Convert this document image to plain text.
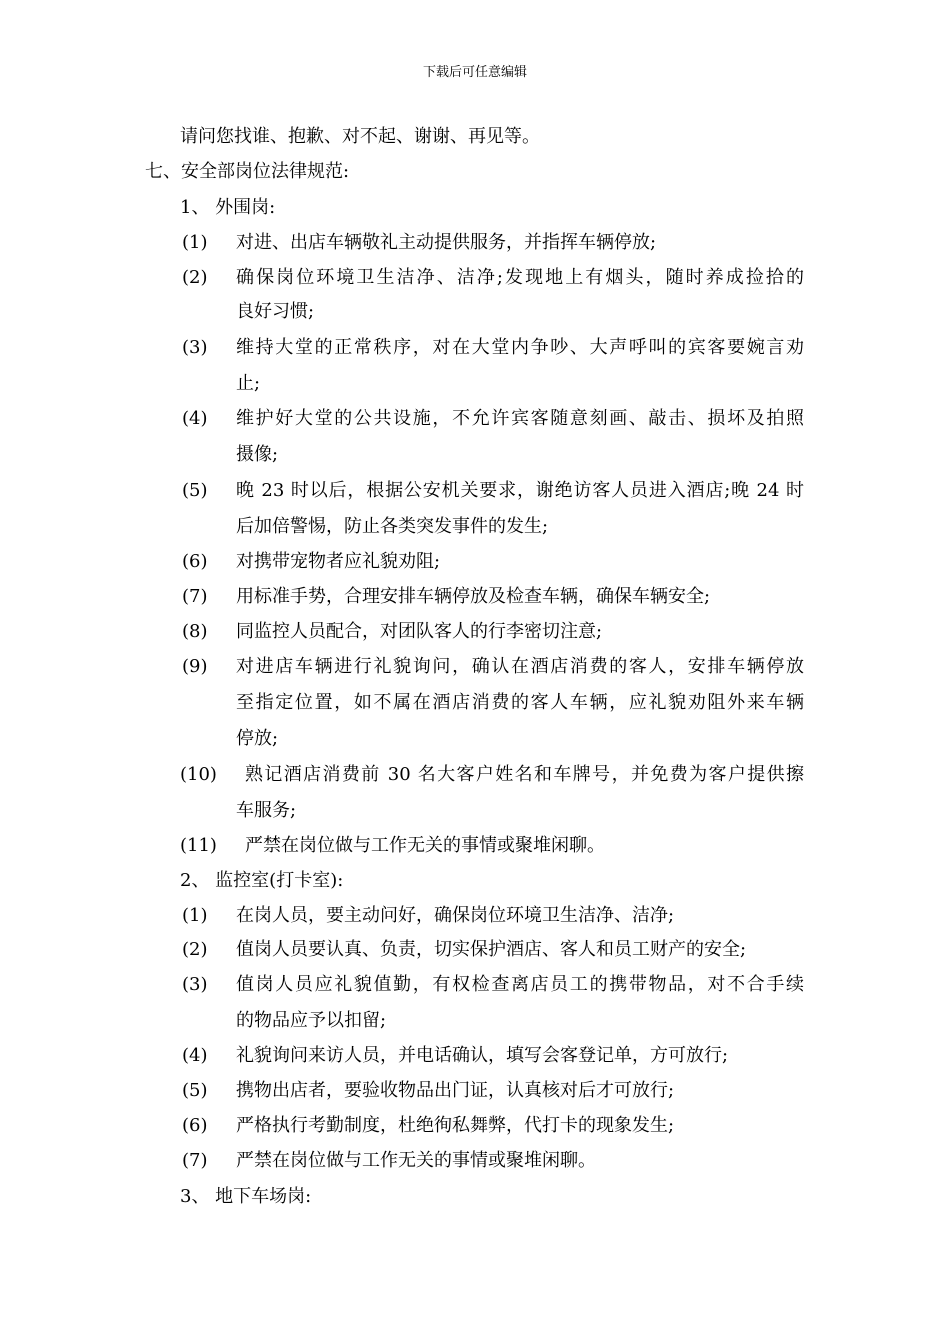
下载后可任意编辑
请问您找谁、抱歉、对不起、谢谢、再见等。
七、安全部岗位法律规范:
1、 外围岗:
(1) 对进、出店车辆敬礼主动提供服务，并指挥车辆停放;
(2) 确保岗位环境卫生洁净、洁净;发现地上有烟头，随时养成捡拾的
良好习惯;
(3) 维持大堂的正常秩序，对在大堂内争吵、大声呼叫的宾客要婉言劝
止;
(4) 维护好大堂的公共设施，不允许宾客随意刻画、敲击、损坏及拍照
摄像;
(5) 晚 23 时以后，根据公安机关要求，谢绝访客人员进入酒店;晚 24 时
后加倍警惕，防止各类突发事件的发生;
(6) 对携带宠物者应礼貌劝阻;
(7) 用标准手势，合理安排车辆停放及检查车辆，确保车辆安全;
(8) 同监控人员配合，对团队客人的行李密切注意;
(9) 对进店车辆进行礼貌询问，确认在酒店消费的客人，安排车辆停放
至指定位置，如不属在酒店消费的客人车辆，应礼貌劝阻外来车辆
停放;
(10) 熟记酒店消费前 30 名大客户姓名和车牌号，并免费为客户提供擦
车服务;
(11) 严禁在岗位做与工作无关的事情或聚堆闲聊。
2、 监控室(打卡室):
(1) 在岗人员，要主动问好，确保岗位环境卫生洁净、洁净;
(2) 值岗人员要认真、负责，切实保护酒店、客人和员工财产的安全;
(3) 值岗人员应礼貌值勤，有权检查离店员工的携带物品，对不合手续
的物品应予以扣留;
(4) 礼貌询问来访人员，并电话确认，填写会客登记单，方可放行;
(5) 携物出店者，要验收物品出门证，认真核对后才可放行;
(6) 严格执行考勤制度，杜绝徇私舞弊，代打卡的现象发生;
(7) 严禁在岗位做与工作无关的事情或聚堆闲聊。
3、 地下车场岗:
